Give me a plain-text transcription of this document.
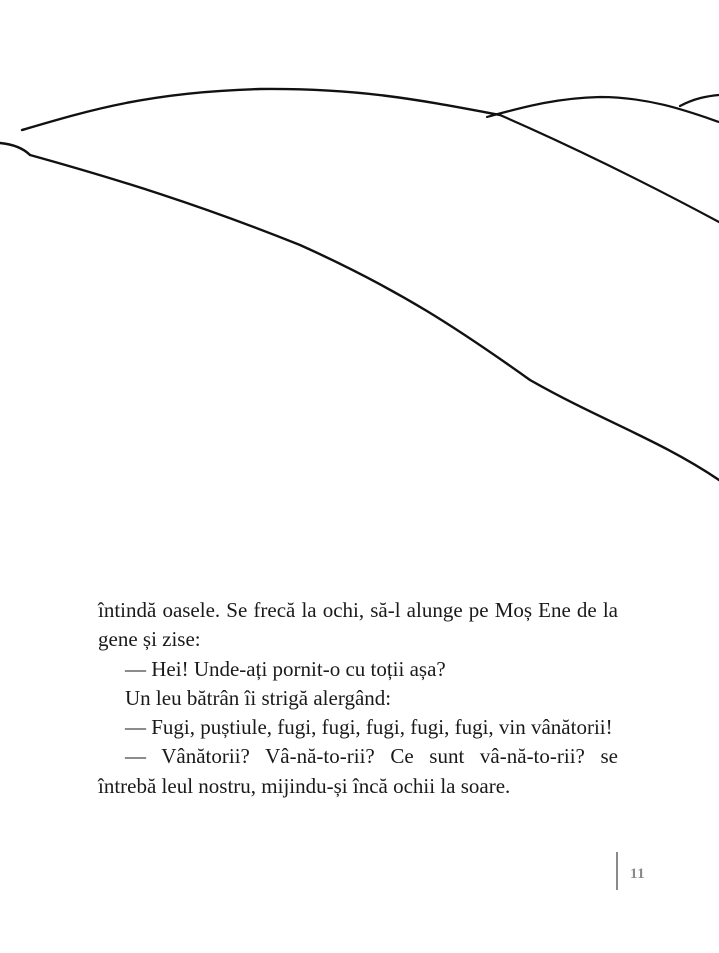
întindă oasele. Se frecă la ochi, să-l alunge pe Moș Ene de la gene și zise:

— Hei! Unde-ați pornit-o cu toții așa?

Un leu bătrân îi strigă alergând:

— Fugi, puștiule, fugi, fugi, fugi, fugi, fugi, vin vânătorii!

— Vânătorii? Vâ-nă-to-rii? Ce sunt vâ-nă-to-rii? se întrebă leul nostru, mijindu-și încă ochii la soare.

11
